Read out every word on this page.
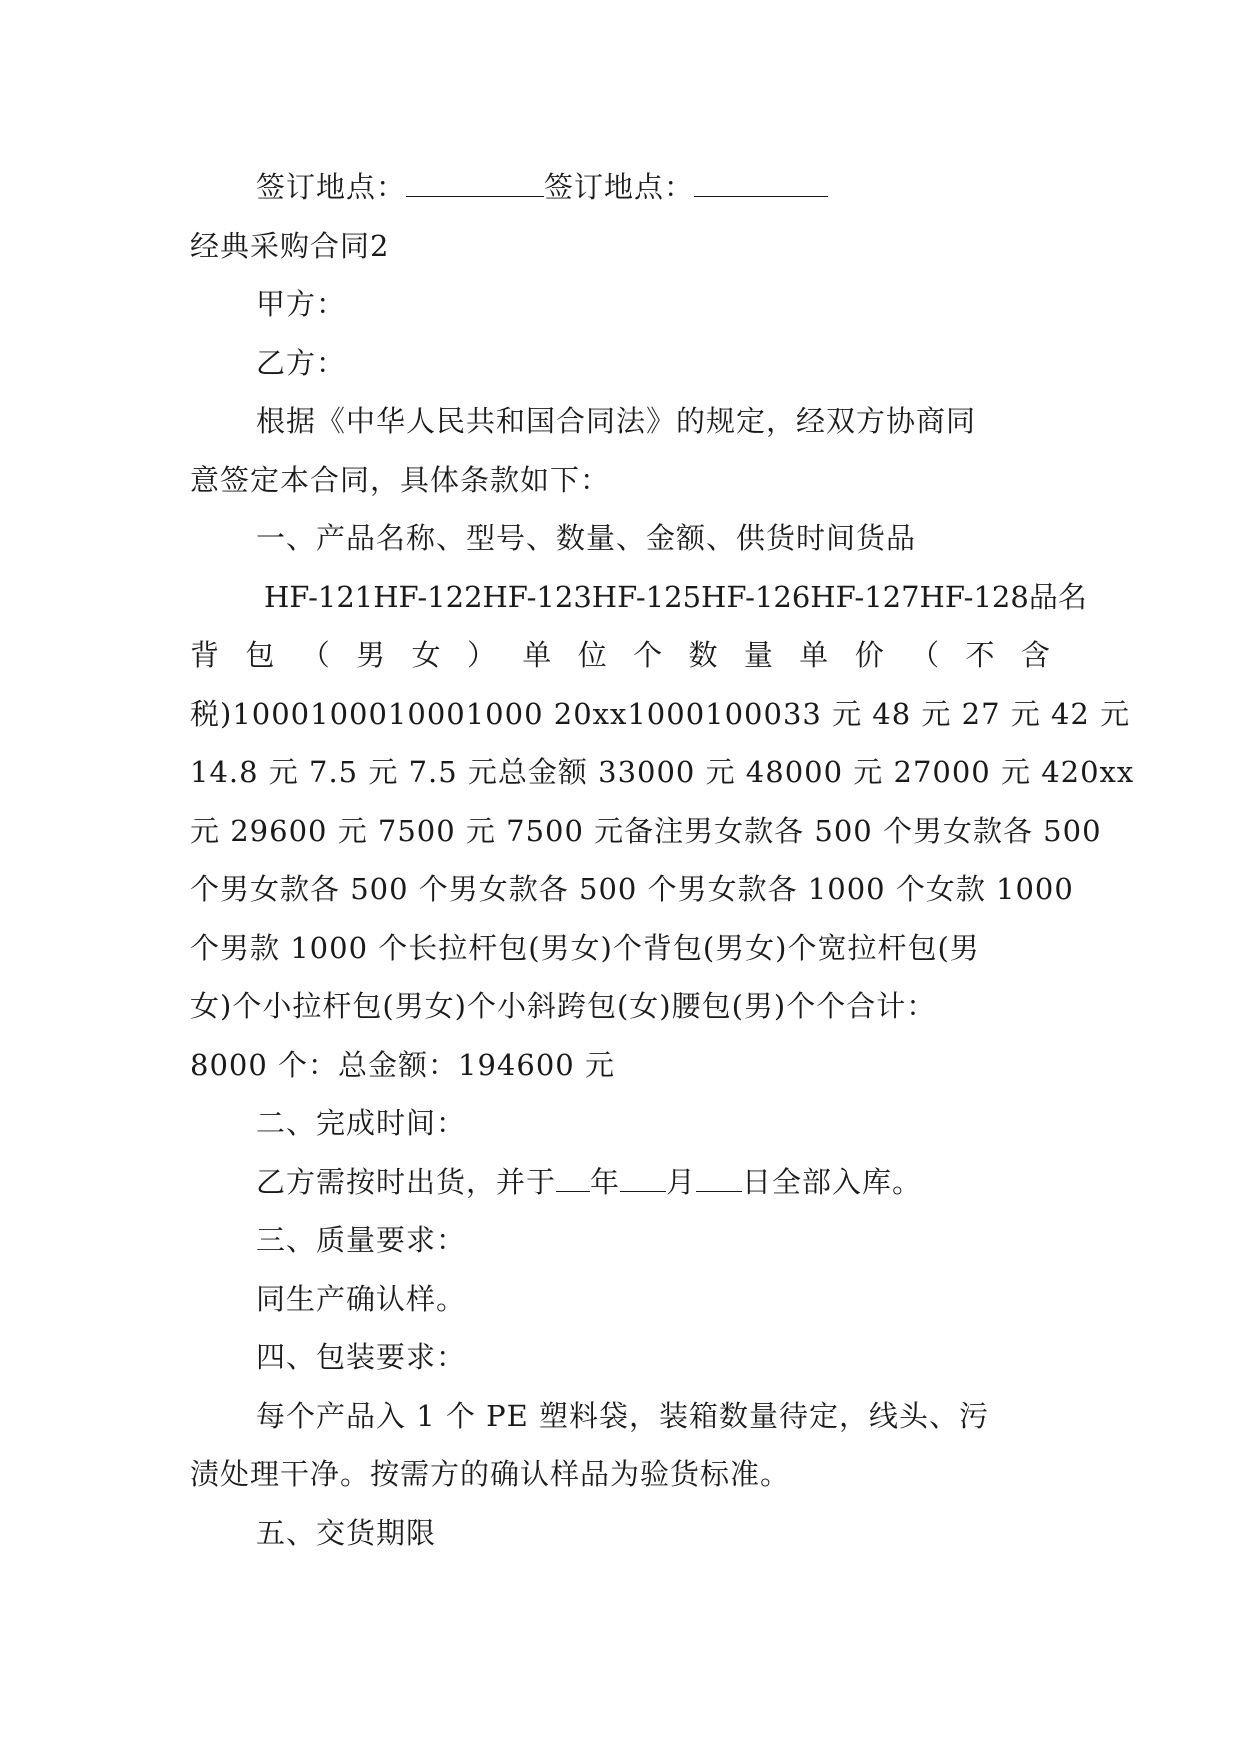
签订地点：	签订地点：
经典采购合同2
甲方：
乙方：
根据《中华人民共和国合同法》的规定，经双方协商同
意签定本合同，具体条款如下：
一、产品名称、型号、数量、金额、供货时间货品
HF-121HF-122HF-123HF-125HF-126HF-127HF-128 品 名
背 包 （ 男 女 ） 单 位 个 数 量 单 价 （ 不 含
税)1000100010001000 20xx1000100033 元 48 元 27 元 42 元
14.8 元 7.5 元 7.5 元总金额 33000 元 48000 元 27000 元 420xx
元 29600 元 7500 元 7500 元备注男女款各 500 个男女款各 500
个男女款各 500 个男女款各 500 个男女款各 1000 个女款 1000
个男款 1000 个长拉杆包(男女)个背包(男女)个宽拉杆包(男
女)个小拉杆包(男女)个小斜跨包(女)腰包(男)个个合计：
8000 个：总金额：194600 元
二、完成时间：
乙方需按时出货，并于 年 月 日全部入库。
三、质量要求：
同生产确认样。
四、包装要求：
每个产品入 1 个 PE 塑料袋，装箱数量待定，线头、污
渍处理干净。按需方的确认样品为验货标准。
五、交货期限
